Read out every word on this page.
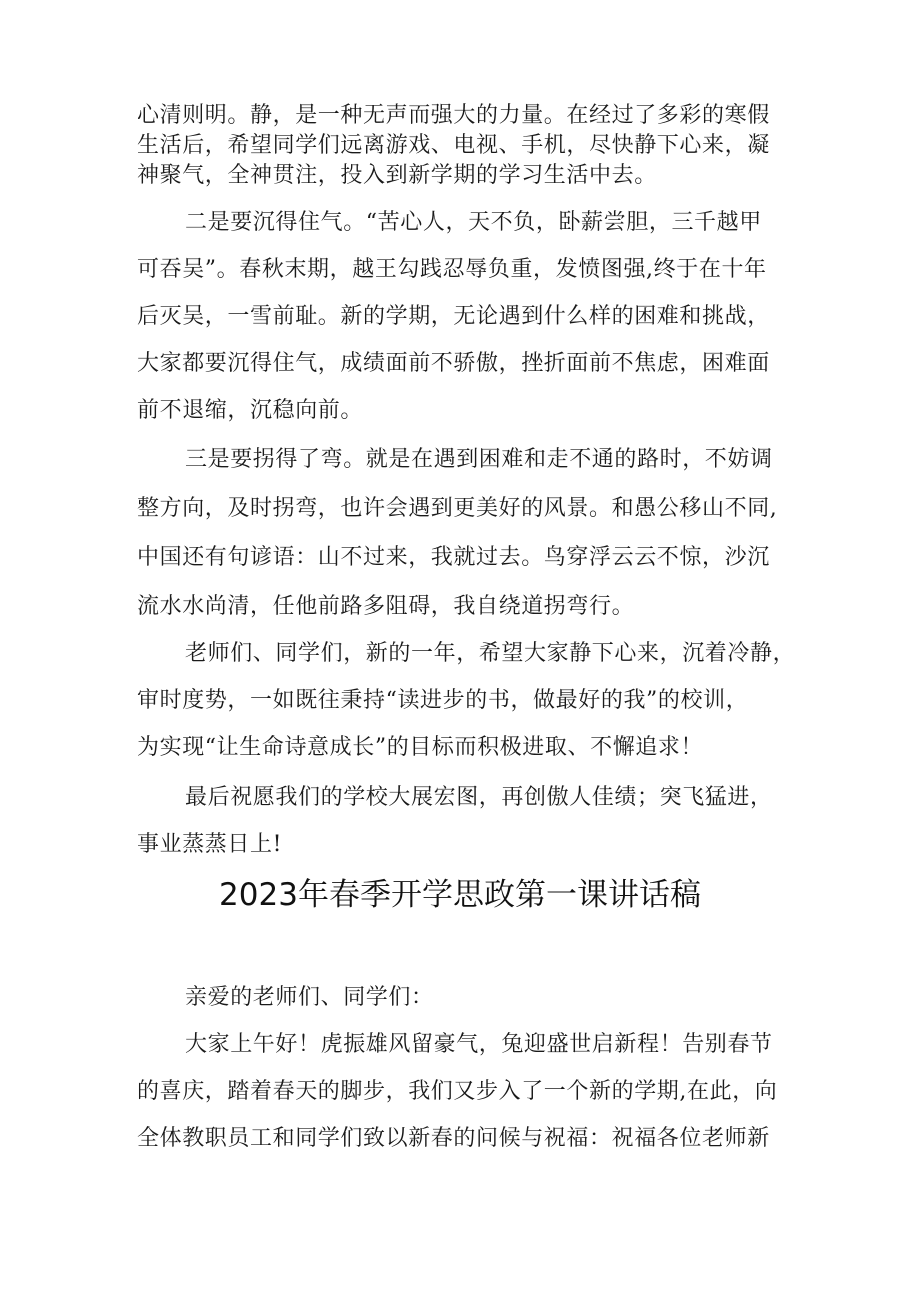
心清则明。静，是一种无声而强大的力量。在经过了多彩的寒假
生活后，希望同学们远离游戏、电视、手机，尽快静下心来，凝
神聚气，全神贯注，投入到新学期的学习生活中去。
二是要沉得住气。“苦心人，天不负，卧薪尝胆，三千越甲
可吞吴”。春秋末期，越王勾践忍辱负重，发愤图强,终于在十年
后灭吴，一雪前耻。新的学期，无论遇到什么样的困难和挑战，
大家都要沉得住气，成绩面前不骄傲，挫折面前不焦虑，困难面
前不退缩，沉稳向前。
三是要拐得了弯。就是在遇到困难和走不通的路时，不妨调
整方向，及时拐弯，也许会遇到更美好的风景。和愚公移山不同,
中国还有句谚语：山不过来，我就过去。鸟穿浮云云不惊，沙沉
流水水尚清，任他前路多阻碍，我自绕道拐弯行。
老师们、同学们，新的一年，希望大家静下心来，沉着冷静，
审时度势，一如既往秉持“读进步的书，做最好的我”的校训，
为实现“让生命诗意成长”的目标而积极进取、不懈追求！
最后祝愿我们的学校大展宏图，再创傲人佳绩；突飞猛进，
事业蒸蒸日上!
2023年春季开学思政第一课讲话稿
亲爱的老师们、同学们：
大家上午好！虎振雄风留豪气，兔迎盛世启新程！告别春节
的喜庆，踏着春天的脚步，我们又步入了一个新的学期,在此，向
全体教职员工和同学们致以新春的问候与祝福：祝福各位老师新
